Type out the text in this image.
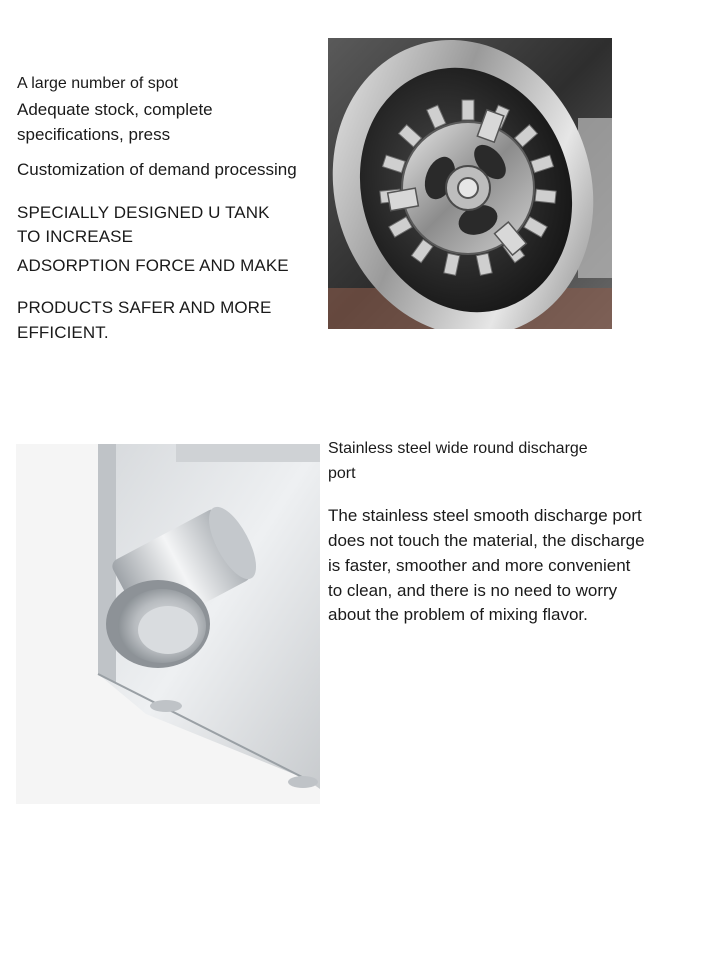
A large number of spot

Adequate stock, complete

specifications, press

Customization of demand processing

SPECIALLY DESIGNED U TANK

TO INCREASE

ADSORPTION FORCE AND MAKE

PRODUCTS SAFER AND MORE

EFFICIENT.

Stainless steel wide round discharge

port

The stainless steel smooth discharge port

does not touch the material, the discharge

is faster, smoother and more convenient

to clean, and there is no need to worry

about the problem of mixing flavor.
